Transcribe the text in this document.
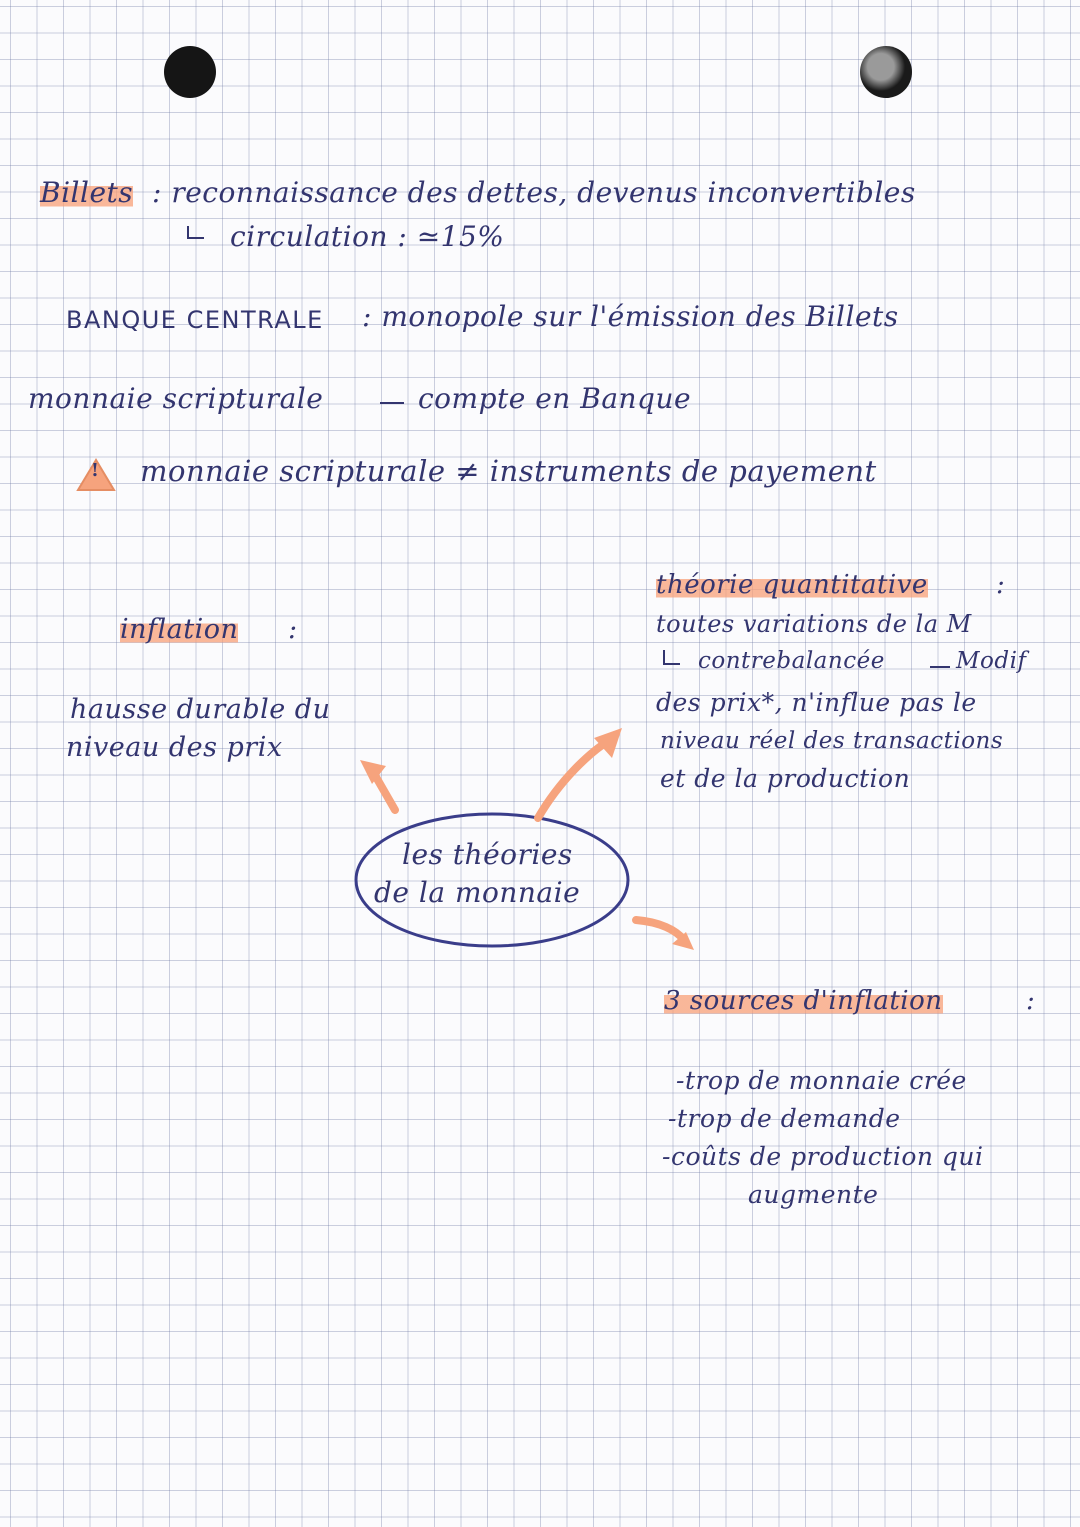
Billets : reconnaissance des dettes, devenus inconvertibles
circulation : ≃15%
BANQUE CENTRALE : monopole sur l'émission des Billets
monnaie scripturale	compte en Banque
! monnaie scripturale ≠ instruments de payement
inflation :
hausse durable du
niveau des prix
les théories
de la monnaie
théorie quantitative	:
toutes variations de la M
contrebalancée	Modif
des prix*, n'influe pas le
niveau réel des transactions
et de la production
3 sources d'inflation	:
-trop de monnaie crée
-trop de demande
-coûts de production qui
augmente
